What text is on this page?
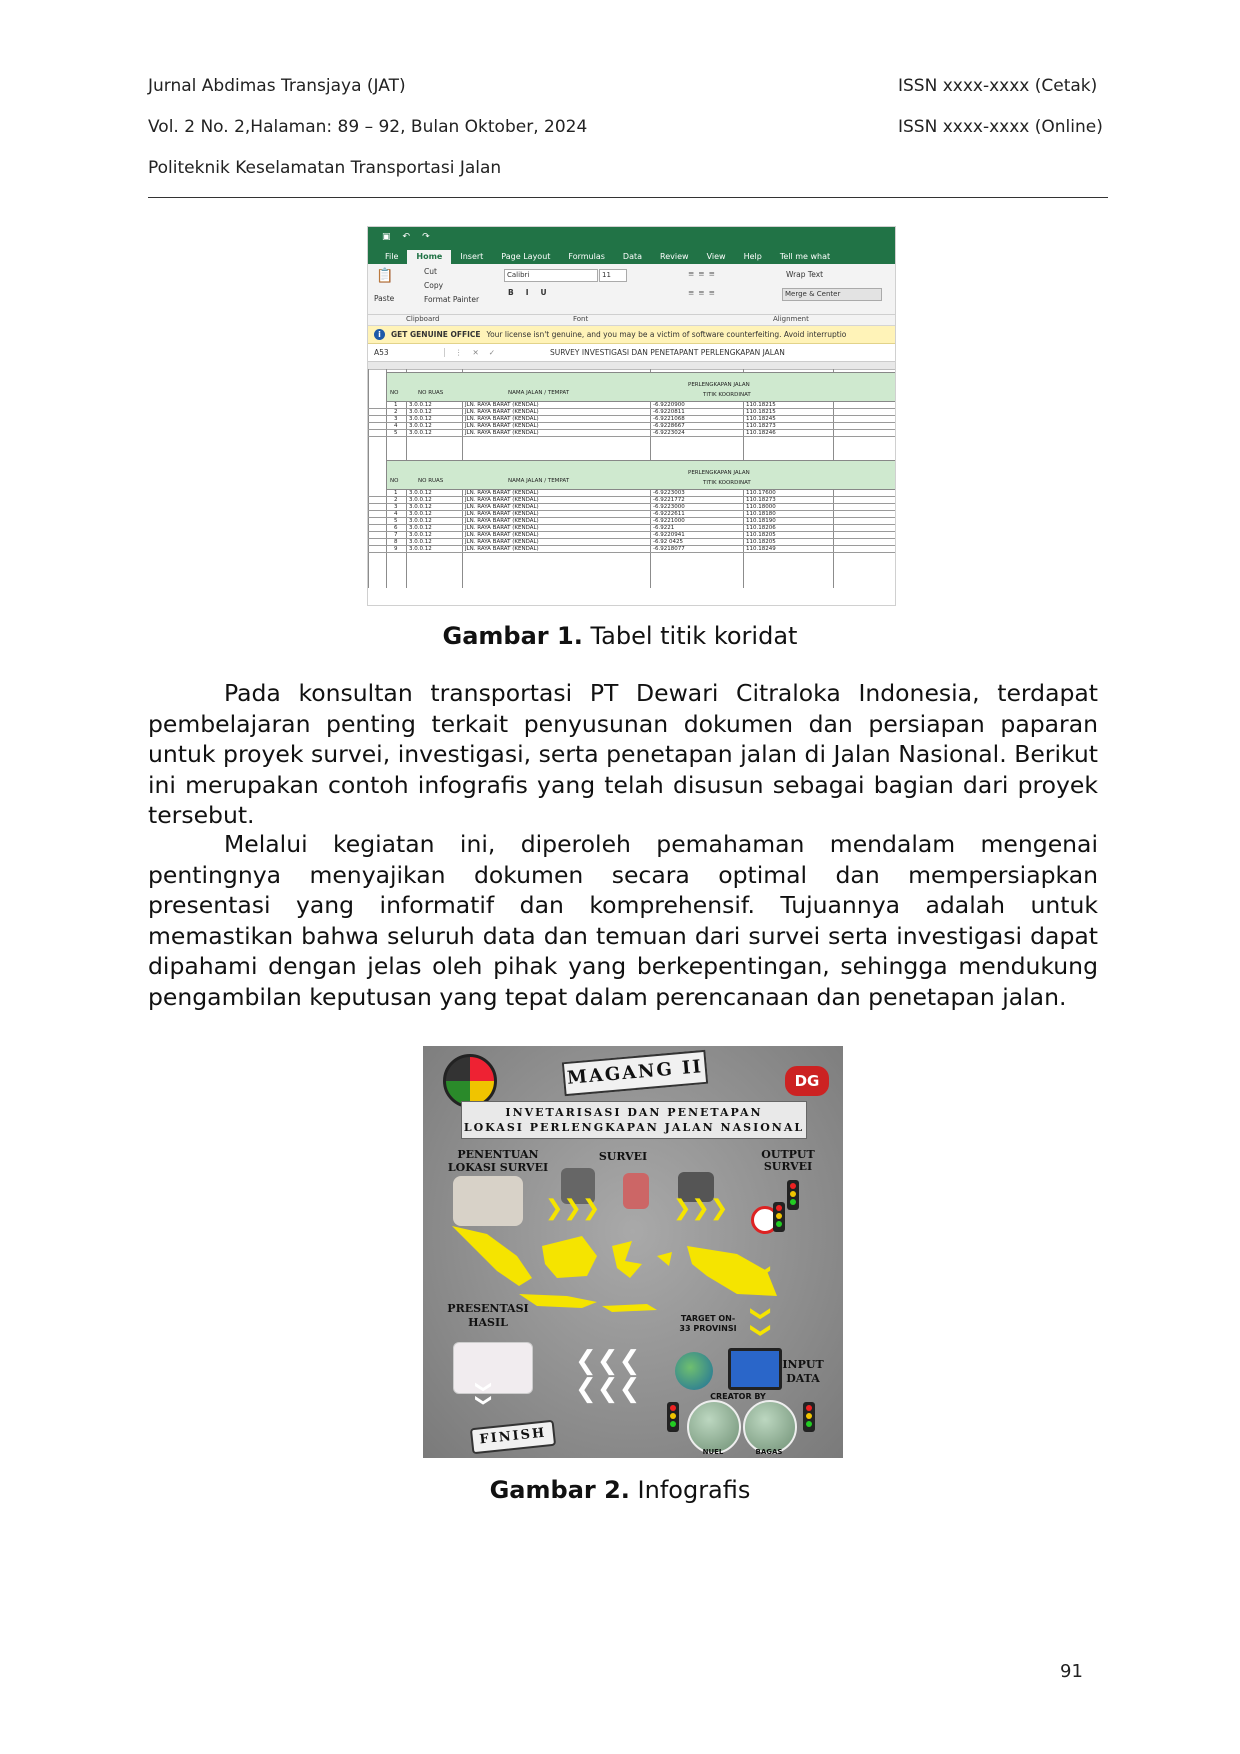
Jurnal Abdimas Transjaya (JAT)
Vol. 2 No. 2,Halaman: 89 – 92, Bulan Oktober, 2024
Politeknik Keselamatan Transportasi Jalan
ISSN xxxx-xxxx (Cetak)
ISSN xxxx-xxxx (Online)
▣ ↶ ↷
File	Home	Insert	Page Layout	Formulas	Data	Review	View	Help	Tell me what
📋
Paste
Cut
Copy
Format Painter
Calibri	11
BIU
Wrap Text
Merge & Center
≡≡≡
≡≡≡
Clipboard	Font	Alignment
i	GET GENUINE OFFICE Your license isn't genuine, and you may be a victim of software counterfeiting. Avoid interruptio
A53	⋮✕✓	SURVEY INVESTIGASI DAN PENETAPANT PERLENGKAPAN JALAN
NO	NO RUAS	NAMA JALAN / TEMPAT
PERLENGKAPAN JALAN
TITIK KOORDINAT
1 3.0.0.12	JLN. RAYA BARAT (KENDAL)	-6.9220900	110.18215
2 3.0.0.12	JLN. RAYA BARAT (KENDAL)	-6.9220811	110.18215
3 3.0.0.12	JLN. RAYA BARAT (KENDAL)	-6.9221068	110.18245
4 3.0.0.12	JLN. RAYA BARAT (KENDAL)	-6.9228667	110.18273
5 3.0.0.12	JLN. RAYA BARAT (KENDAL)	-6.9223024	110.18246
NO	NO RUAS	NAMA JALAN / TEMPAT
PERLENGKAPAN JALAN
TITIK KOORDINAT
1 3.0.0.12	JLN. RAYA BARAT (KENDAL)	-6.9223003	110.17600
2 3.0.0.12	JLN. RAYA BARAT (KENDAL)	-6.9221772	110.18273
3 3.0.0.12	JLN. RAYA BARAT (KENDAL)	-6.9223000	110.18000
4 3.0.0.12	JLN. RAYA BARAT (KENDAL)	-6.9222611	110.18180
5 3.0.0.12	JLN. RAYA BARAT (KENDAL)	-6.9221000	110.18190
6 3.0.0.12	JLN. RAYA BARAT (KENDAL)	-6.9221	110.18206
7 3.0.0.12	JLN. RAYA BARAT (KENDAL)	-6.9220941	110.18205
8 3.0.0.12	JLN. RAYA BARAT (KENDAL)	-6.92 0425	110.18205
9 3.0.0.12	JLN. RAYA BARAT (KENDAL)	-6.9218077	110.18249
Gambar 1. Tabel titik koridat
Pada konsultan transportasi PT Dewari Citraloka Indonesia, terdapat pembelajaran penting terkait penyusunan dokumen dan persiapan paparan untuk proyek survei, investigasi, serta penetapan jalan di Jalan Nasional. Berikut ini merupakan contoh infografis yang telah disusun sebagai bagian dari proyek tersebut.
Melalui kegiatan ini, diperoleh pemahaman mendalam mengenai pentingnya menyajikan dokumen secara optimal dan mempersiapkan presentasi yang informatif dan komprehensif. Tujuannya adalah untuk memastikan bahwa seluruh data dan temuan dari survei serta investigasi dapat dipahami dengan jelas oleh pihak yang berkepentingan, sehingga mendukung pengambilan keputusan yang tepat dalam perencanaan dan penetapan jalan.
DG
MAGANG II
INVETARISASI DAN PENETAPAN
LOKASI PERLENGKAPAN JALAN NASIONAL
PENENTUAN
LOKASI SURVEI
SURVEI	OUTPUT
SURVEI
❯❯❯	❯❯❯
❯❯
❯❯
PRESENTASI
HASIL	TARGET ON-
33 PROVINSI
❮❮❮
❮❮❮
INPUT
DATA
CREATOR BY
NUEL	BAGAS
❯❯
FINISH
Gambar 2. Infografis
91
